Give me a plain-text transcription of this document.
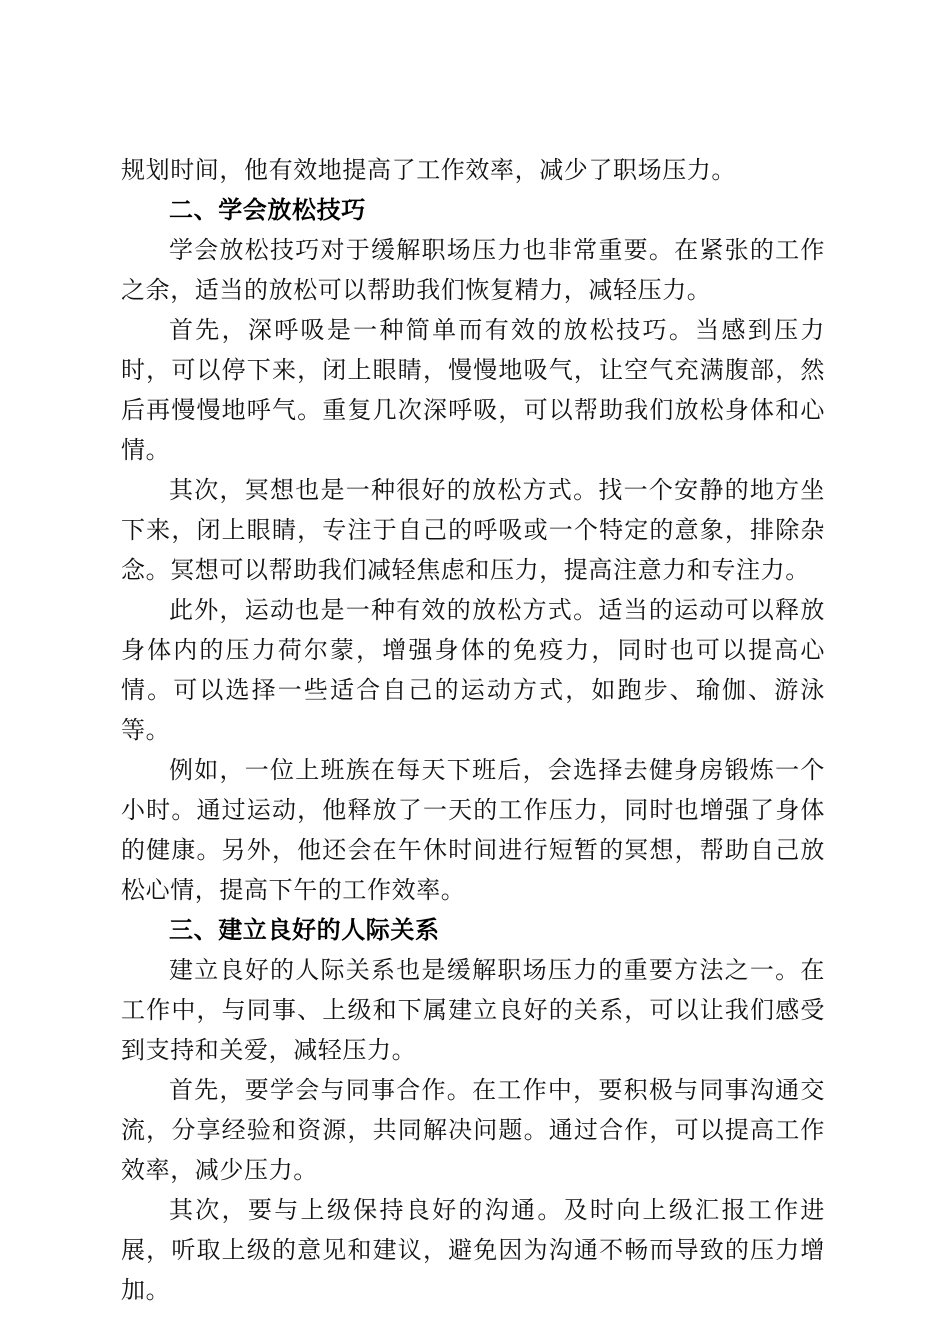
规划时间，他有效地提高了工作效率，减少了职场压力。

二、学会放松技巧

学会放松技巧对于缓解职场压力也非常重要。在紧张的工作之余，适当的放松可以帮助我们恢复精力，减轻压力。

首先，深呼吸是一种简单而有效的放松技巧。当感到压力时，可以停下来，闭上眼睛，慢慢地吸气，让空气充满腹部，然后再慢慢地呼气。重复几次深呼吸，可以帮助我们放松身体和心情。

其次，冥想也是一种很好的放松方式。找一个安静的地方坐下来，闭上眼睛，专注于自己的呼吸或一个特定的意象，排除杂念。冥想可以帮助我们减轻焦虑和压力，提高注意力和专注力。

此外，运动也是一种有效的放松方式。适当的运动可以释放身体内的压力荷尔蒙，增强身体的免疫力，同时也可以提高心情。可以选择一些适合自己的运动方式，如跑步、瑜伽、游泳等。

例如，一位上班族在每天下班后，会选择去健身房锻炼一个小时。通过运动，他释放了一天的工作压力，同时也增强了身体的健康。另外，他还会在午休时间进行短暂的冥想，帮助自己放松心情，提高下午的工作效率。

三、建立良好的人际关系

建立良好的人际关系也是缓解职场压力的重要方法之一。在工作中，与同事、上级和下属建立良好的关系，可以让我们感受到支持和关爱，减轻压力。

首先，要学会与同事合作。在工作中，要积极与同事沟通交流，分享经验和资源，共同解决问题。通过合作，可以提高工作效率，减少压力。

其次，要与上级保持良好的沟通。及时向上级汇报工作进展，听取上级的意见和建议，避免因为沟通不畅而导致的压力增加。
